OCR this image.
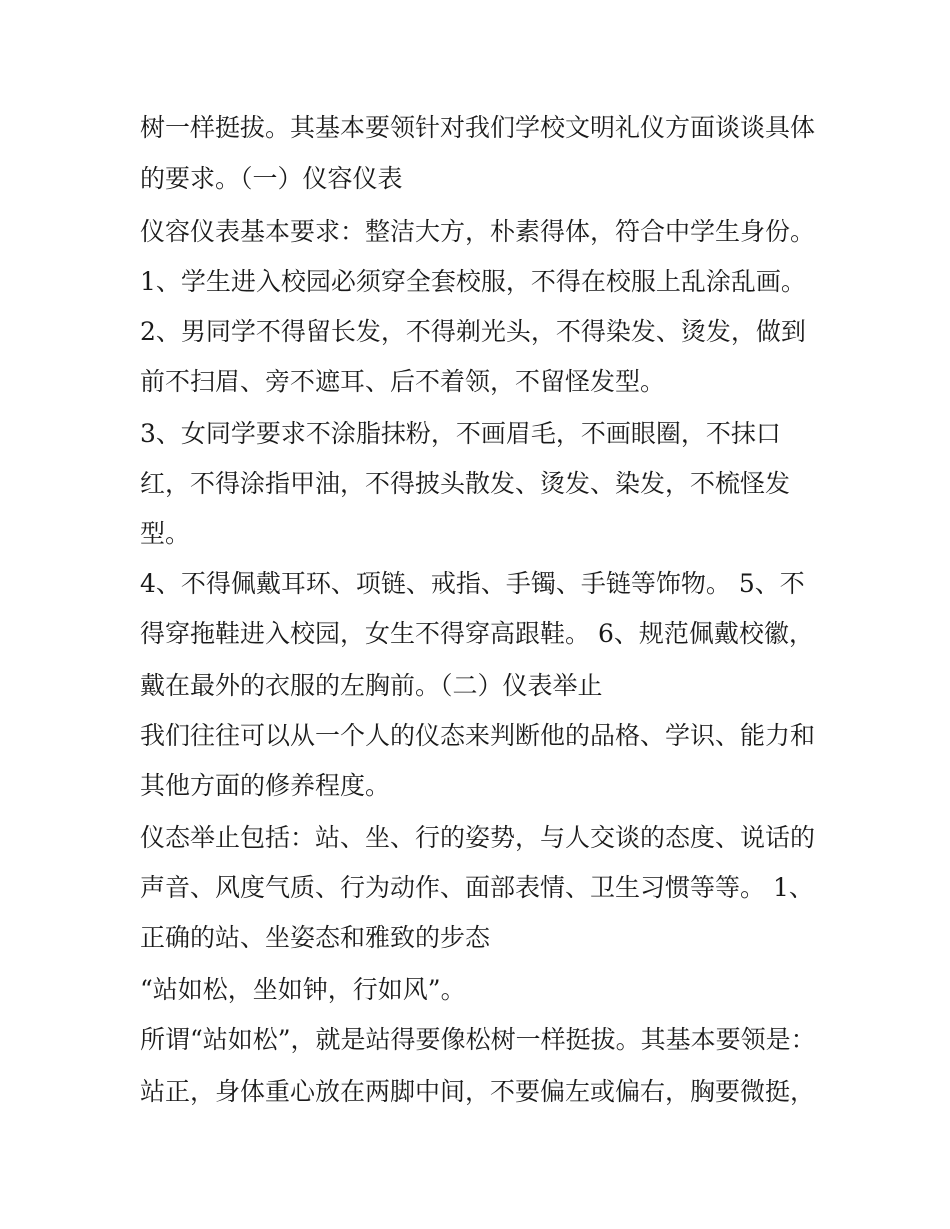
树一样挺拔。其基本要领针对我们学校文明礼仪方面谈谈具体
的要求。（一）仪容仪表
仪容仪表基本要求：整洁大方，朴素得体，符合中学生身份。
1、学生进入校园必须穿全套校服，不得在校服上乱涂乱画。
2、男同学不得留长发，不得剃光头，不得染发、烫发，做到
前不扫眉、旁不遮耳、后不着领，不留怪发型。
3、女同学要求不涂脂抹粉，不画眉毛，不画眼圈，不抹口
红，不得涂指甲油，不得披头散发、烫发、染发，不梳怪发
型。
4、不得佩戴耳环、项链、戒指、手镯、手链等饰物。 5、不
得穿拖鞋进入校园，女生不得穿高跟鞋。 6、规范佩戴校徽，
戴在最外的衣服的左胸前。（二）仪表举止
我们往往可以从一个人的仪态来判断他的品格、学识、能力和
其他方面的修养程度。
仪态举止包括：站、坐、行的姿势，与人交谈的态度、说话的
声音、风度气质、行为动作、面部表情、卫生习惯等等。 1、
正确的站、坐姿态和雅致的步态
“站如松，坐如钟，行如风”。
所谓“站如松”，就是站得要像松树一样挺拔。其基本要领是：
站正，身体重心放在两脚中间，不要偏左或偏右，胸要微挺，
